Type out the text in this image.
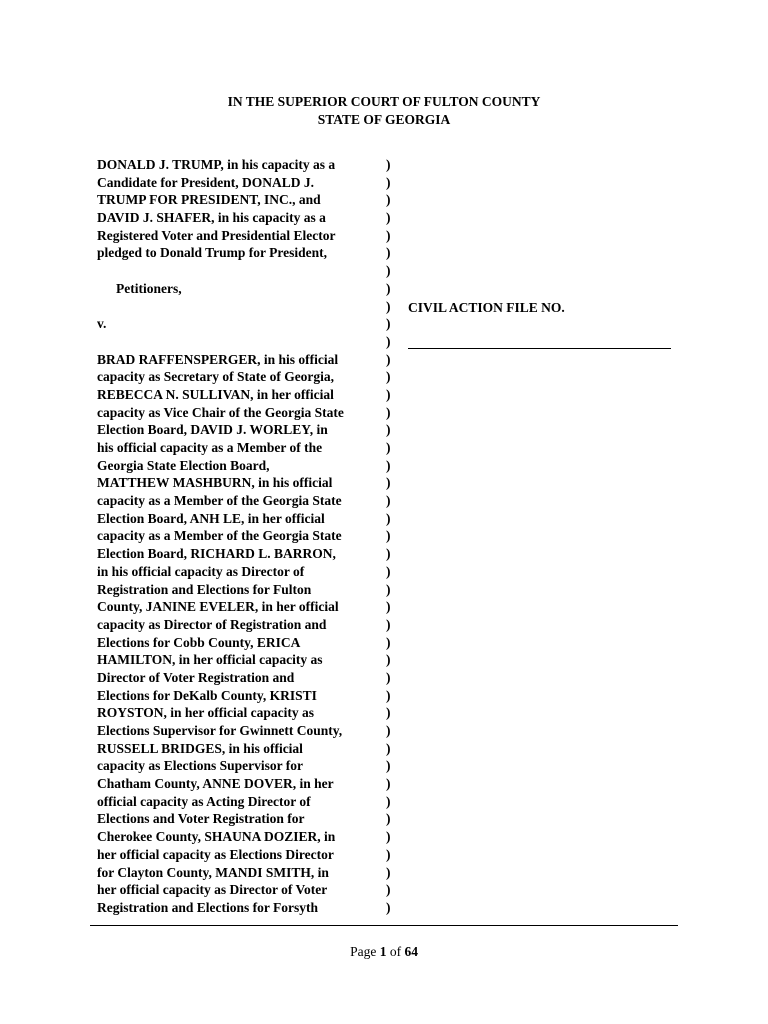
IN THE SUPERIOR COURT OF FULTON COUNTY
STATE OF GEORGIA
DONALD J. TRUMP, in his capacity as a
Candidate for President, DONALD J.
TRUMP FOR PRESIDENT, INC., and
DAVID J. SHAFER, in his capacity as a
Registered Voter and Presidential Elector
pledged to Donald Trump for President,
Petitioners,
v.
BRAD RAFFENSPERGER, in his official
capacity as Secretary of State of Georgia,
REBECCA N. SULLIVAN, in her official
capacity as Vice Chair of the Georgia State
Election Board, DAVID J. WORLEY, in
his official capacity as a Member of the
Georgia State Election Board,
MATTHEW MASHBURN, in his official
capacity as a Member of the Georgia State
Election Board, ANH LE, in her official
capacity as a Member of the Georgia State
Election Board, RICHARD L. BARRON,
in his official capacity as Director of
Registration and Elections for Fulton
County, JANINE EVELER, in her official
capacity as Director of Registration and
Elections for Cobb County, ERICA
HAMILTON, in her official capacity as
Director of Voter Registration and
Elections for DeKalb County, KRISTI
ROYSTON, in her official capacity as
Elections Supervisor for Gwinnett County,
RUSSELL BRIDGES, in his official
capacity as Elections Supervisor for
Chatham County, ANNE DOVER, in her
official capacity as Acting Director of
Elections and Voter Registration for
Cherokee County, SHAUNA DOZIER, in
her official capacity as Elections Director
for Clayton County, MANDI SMITH, in
her official capacity as Director of Voter
Registration and Elections for Forsyth
)
)
)
)
)
)
)
)
)
)
)
)
)
)
)
)
)
)
)
)
)
)
)
)
)
)
)
)
)
)
)
)
)
)
)
)
)
)
)
)
)
)
)
CIVIL ACTION FILE NO.
Page 1 of 64
